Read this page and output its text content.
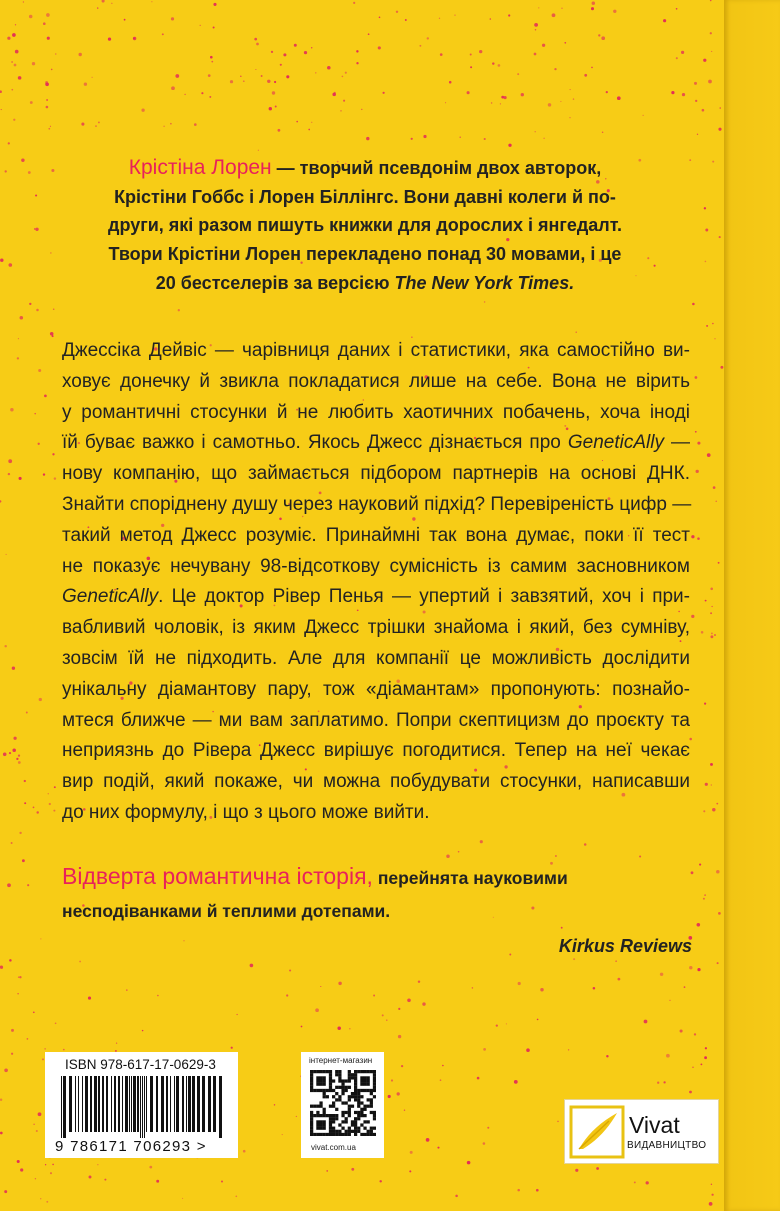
Крістіна Лорен — творчий псевдонім двох авторок,
Крістіни Гоббс і Лорен Біллінгс. Вони давні колеги й по-
други, які разом пишуть книжки для дорослих і янгедалт.
Твори Крістіни Лорен перекладено понад 30 мовами, і це
20 бестселерів за версією The New York Times.
Джессіка Дейвіс — чарівниця даних і статистики, яка самостійно ви-
ховує донечку й звикла покладатися лише на себе. Вона не вірить
у романтичні стосунки й не любить хаотичних побачень, хоча іноді
їй буває важко і самотньо. Якось Джесс дізнається про GeneticAlly —
нову компанію, що займається підбором партнерів на основі ДНК.
Знайти споріднену душу через науковий підхід? Перевіреність цифр —
такий метод Джесс розуміє. Принаймні так вона думає, поки її тест
не показує нечувану 98-відсоткову сумісність із самим засновником
GeneticAlly. Це доктор Рівер Пенья — упертий і завзятий, хоч і при-
вабливий чоловік, із яким Джесс трішки знайома і який, без сумніву,
зовсім їй не підходить. Але для компанії це можливість дослідити
унікальну діамантову пару, тож «діамантам» пропонують: познайо-
мтеся ближче — ми вам заплатимо. Попри скептицизм до проєкту та
неприязнь до Рівера Джесс вирішує погодитися. Тепер на неї чекає
вир подій, який покаже, чи можна побудувати стосунки, написавши
до них формулу, і що з цього може вийти.
Відверта романтична історія, перейнята науковими
несподіванками й теплими дотепами.
Kirkus Reviews
ISBN 978-617-17-0629-3
9 786171 706293 >
інтернет-магазин
vivat.com.ua
Vivat
ВИДАВНИЦТВО
